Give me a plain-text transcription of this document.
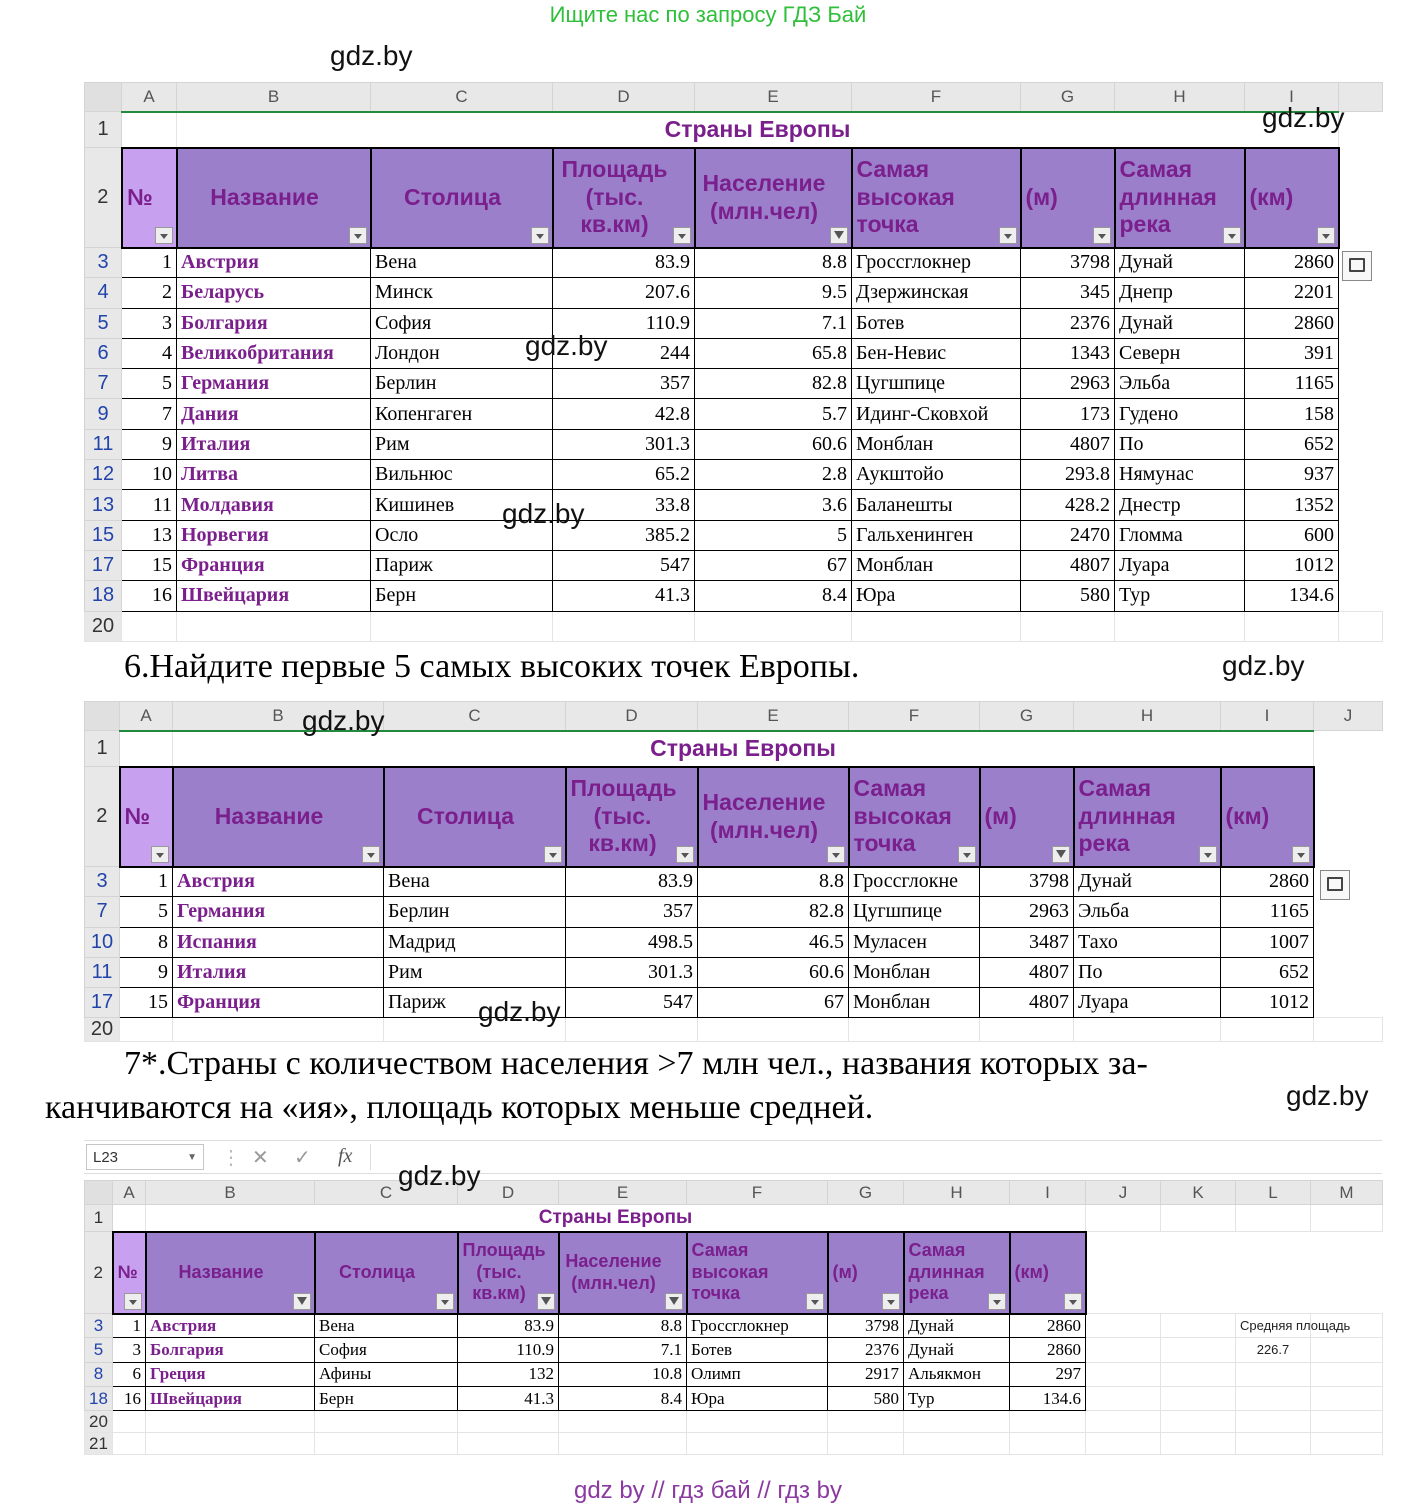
Ищите нас по запросу ГДЗ Бай
	A	B	C	D	E	F	G	H	I	
1		Страны Европы								
2	№	Название	Столица	Площадь (тыс. кв.км)	Население (млн.чел)	Самая высокая точка	(м)	Самая длинная река	(км)

3	1	Австрия	Вена	83.9	8.8	Гроссглокнер	3798	Дунай	2860	
4	2	Беларусь	Минск	207.6	9.5	Дзержинская	345	Днепр	2201	
5	3	Болгария	София	110.9	7.1	Ботев	2376	Дунай	2860	
6	4	Великобритания	Лондон	244	65.8	Бен-Невис	1343	Северн	391	
7	5	Германия	Берлин	357	82.8	Цугшпице	2963	Эльба	1165	
9	7	Дания	Копенгаген	42.8	5.7	Идинг-Сковхой	173	Гудено	158	
11	9	Италия	Рим	301.3	60.6	Монблан	4807	По	652	
12	10	Литва	Вильнюс	65.2	2.8	Аукштойо	293.8	Нямунас	937	
13	11	Молдавия	Кишинев	33.8	3.6	Баланешты	428.2	Днестр	1352	
15	13	Норвегия	Осло	385.2	5	Гальхенинген	2470	Гломма	600	
17	15	Франция	Париж	547	67	Монблан	4807	Луара	1012	
18	16	Швейцария	Берн	41.3	8.4	Юра	580	Тур	134.6	
20										
gdz.by
gdz.by
gdz.by
gdz.by
6.Найдите первые 5 самых высоких точек Европы.	gdz.by
	A	B	C	D	E	F	G	H	I	J
1		Страны Европы								
2	№	Название	Столица	Площадь (тыс. кв.км)	Население (млн.чел)	Самая высокая точка	(м)	Самая длинная река	(км)

3	1	Австрия	Вена	83.9	8.8	Гроссглокне	3798	Дунай	2860	
7	5	Германия	Берлин	357	82.8	Цугшпице	2963	Эльба	1165	
10	8	Испания	Мадрид	498.5	46.5	Муласен	3487	Тахо	1007	
11	9	Италия	Рим	301.3	60.6	Монблан	4807	По	652	
17	15	Франция	Париж	547	67	Монблан	4807	Луара	1012	
20										
gdz.by
gdz.by
7*.Страны с количеством населения >7 млн чел., названия которых за-
канчиваются на «ия», площадь которых меньше средней.	gdz.by
L23	▼ ⋮ ✕ ✓ fx
	A	B	C	D	E	F	G	H	I	J	K	L	M
1		Страны Европы											
2	№	Название	Столица	Площадь (тыс. кв.км)	Население (млн.чел)	Самая высокая точка	(м)	Самая длинная река	(км)

3	1	Австрия	Вена	83.9	8.8	Гроссглокнер	3798	Дунай	2860			Средняя площадь	
5	3	Болгария	София	110.9	7.1	Ботев	2376	Дунай	2860			226.7	
8	6	Греция	Афины	132	10.8	Олимп	2917	Альякмон	297				
18	16	Швейцария	Берн	41.3	8.4	Юра	580	Тур	134.6				
20													
21													
gdz.by
gdz by // гдз бай // гдз by
